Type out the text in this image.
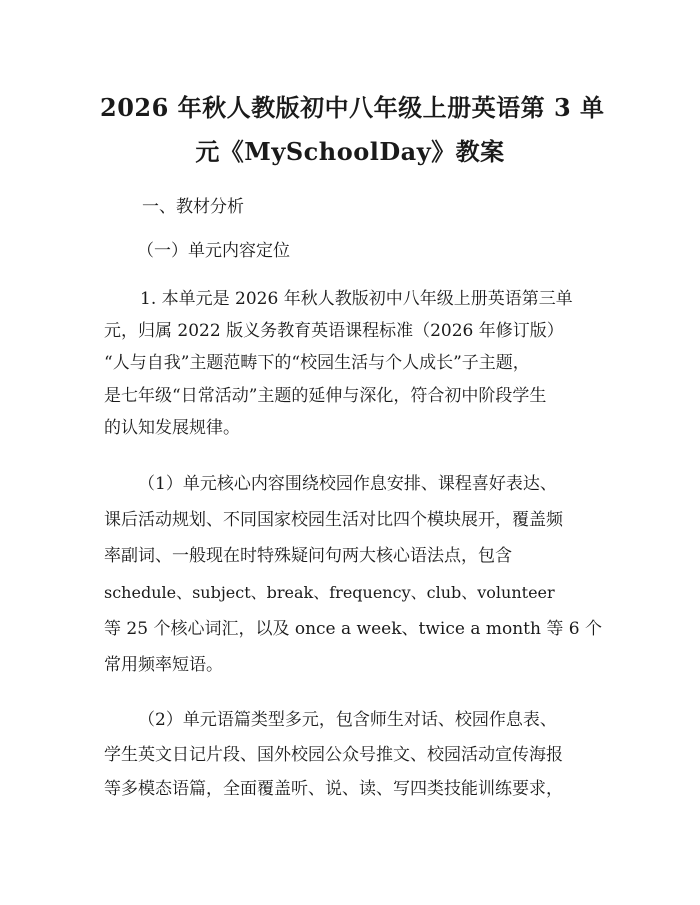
2026 年秋人教版初中八年级上册英语第 3 单
元《MySchoolDay》教案
一、教材分析
（一）单元内容定位
1. 本单元是 2026 年秋人教版初中八年级上册英语第三单
元，归属 2022 版义务教育英语课程标准（2026 年修订版）
“人与自我”主题范畴下的“校园生活与个人成长”子主题，
是七年级“日常活动”主题的延伸与深化，符合初中阶段学生
的认知发展规律。
（1）单元核心内容围绕校园作息安排、课程喜好表达、
课后活动规划、不同国家校园生活对比四个模块展开，覆盖频
率副词、一般现在时特殊疑问句两大核心语法点，包含
schedule、subject、break、frequency、club、volunteer
等 25 个核心词汇，以及 once a week、twice a month 等 6 个
常用频率短语。
（2）单元语篇类型多元，包含师生对话、校园作息表、
学生英文日记片段、国外校园公众号推文、校园活动宣传海报
等多模态语篇，全面覆盖听、说、读、写四类技能训练要求，
